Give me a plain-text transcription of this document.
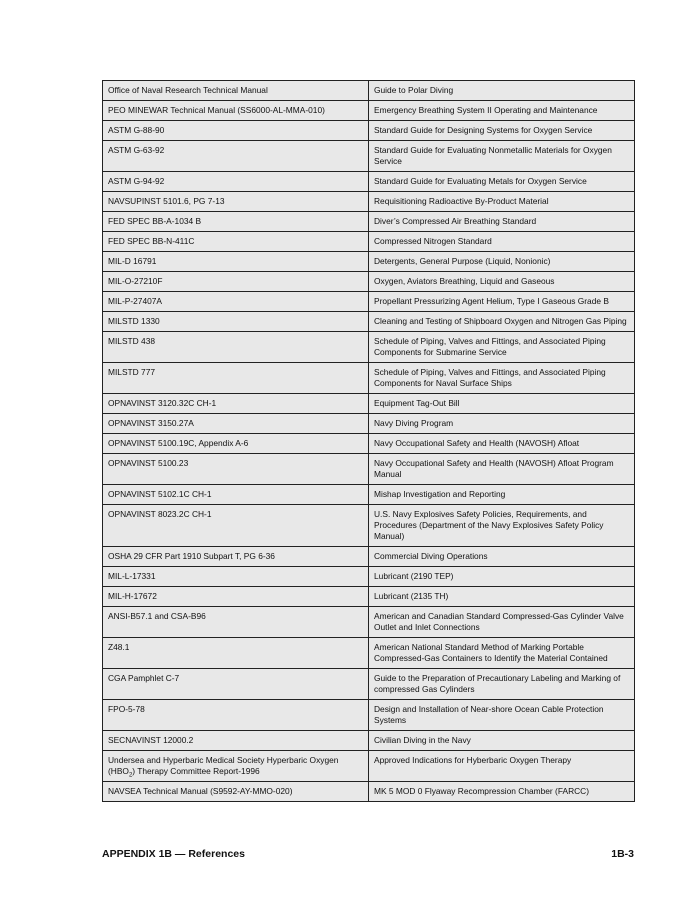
Office of Naval Research Technical Manual	Guide to Polar Diving
PEO MINEWAR Technical Manual (SS6000-AL-MMA-010)	Emergency Breathing System II Operating and Maintenance
ASTM G-88-90	Standard Guide for Designing Systems for Oxygen Service
ASTM G-63-92	Standard Guide for Evaluating Nonmetallic Materials for Oxygen Service
ASTM G-94-92	Standard Guide for Evaluating Metals for Oxygen Service
NAVSUPINST 5101.6, PG 7-13	Requisitioning Radioactive By-Product Material
FED SPEC BB-A-1034 B	Diver’s Compressed Air Breathing Standard
FED SPEC BB-N-411C	Compressed Nitrogen Standard
MIL-D 16791	Detergents, General Purpose (Liquid, Nonionic)
MIL-O-27210F	Oxygen, Aviators Breathing, Liquid and Gaseous
MIL-P-27407A	Propellant Pressurizing Agent Helium, Type I Gaseous Grade B
MILSTD 1330	Cleaning and Testing of Shipboard Oxygen and Nitrogen Gas Piping
MILSTD 438	Schedule of Piping, Valves and Fittings, and Associated Piping Components for Submarine Service
MILSTD 777	Schedule of Piping, Valves and Fittings, and Associated Piping Components for Naval Surface Ships
OPNAVINST 3120.32C CH-1	Equipment Tag-Out Bill
OPNAVINST 3150.27A	Navy Diving Program
OPNAVINST 5100.19C, Appendix A-6	Navy Occupational Safety and Health (NAVOSH) Afloat
OPNAVINST 5100.23	Navy Occupational Safety and Health (NAVOSH) Afloat Program Manual
OPNAVINST 5102.1C CH-1	Mishap Investigation and Reporting
OPNAVINST 8023.2C CH-1	U.S. Navy Explosives Safety Policies, Requirements, and Procedures (Department of the Navy Explosives Safety Policy Manual)
OSHA 29 CFR Part 1910 Subpart T, PG 6-36	Commercial Diving Operations
MIL-L-17331	Lubricant (2190 TEP)
MIL-H-17672	Lubricant (2135 TH)
ANSI-B57.1 and CSA-B96	American and Canadian Standard Compressed-Gas Cylinder Valve Outlet and Inlet Connections
Z48.1	American National Standard Method of Marking Portable Compressed-Gas Containers to Identify the Material Contained
CGA Pamphlet C-7	Guide to the Preparation of Precautionary Labeling and Marking of compressed Gas Cylinders
FPO-5-78	Design and Installation of Near-shore Ocean Cable Protection Systems
SECNAVINST 12000.2	Civilian Diving in the Navy
Undersea and Hyperbaric Medical Society Hyperbaric Oxygen $(HBO_2)$ Therapy Committee Report-1996	Approved Indications for Hyberbaric Oxygen Therapy
NAVSEA Technical Manual (S9592-AY-MMO-020)	MK 5 MOD 0 Flyaway Recompression Chamber (FARCC)
APPENDIX 1B — References	1B-3
